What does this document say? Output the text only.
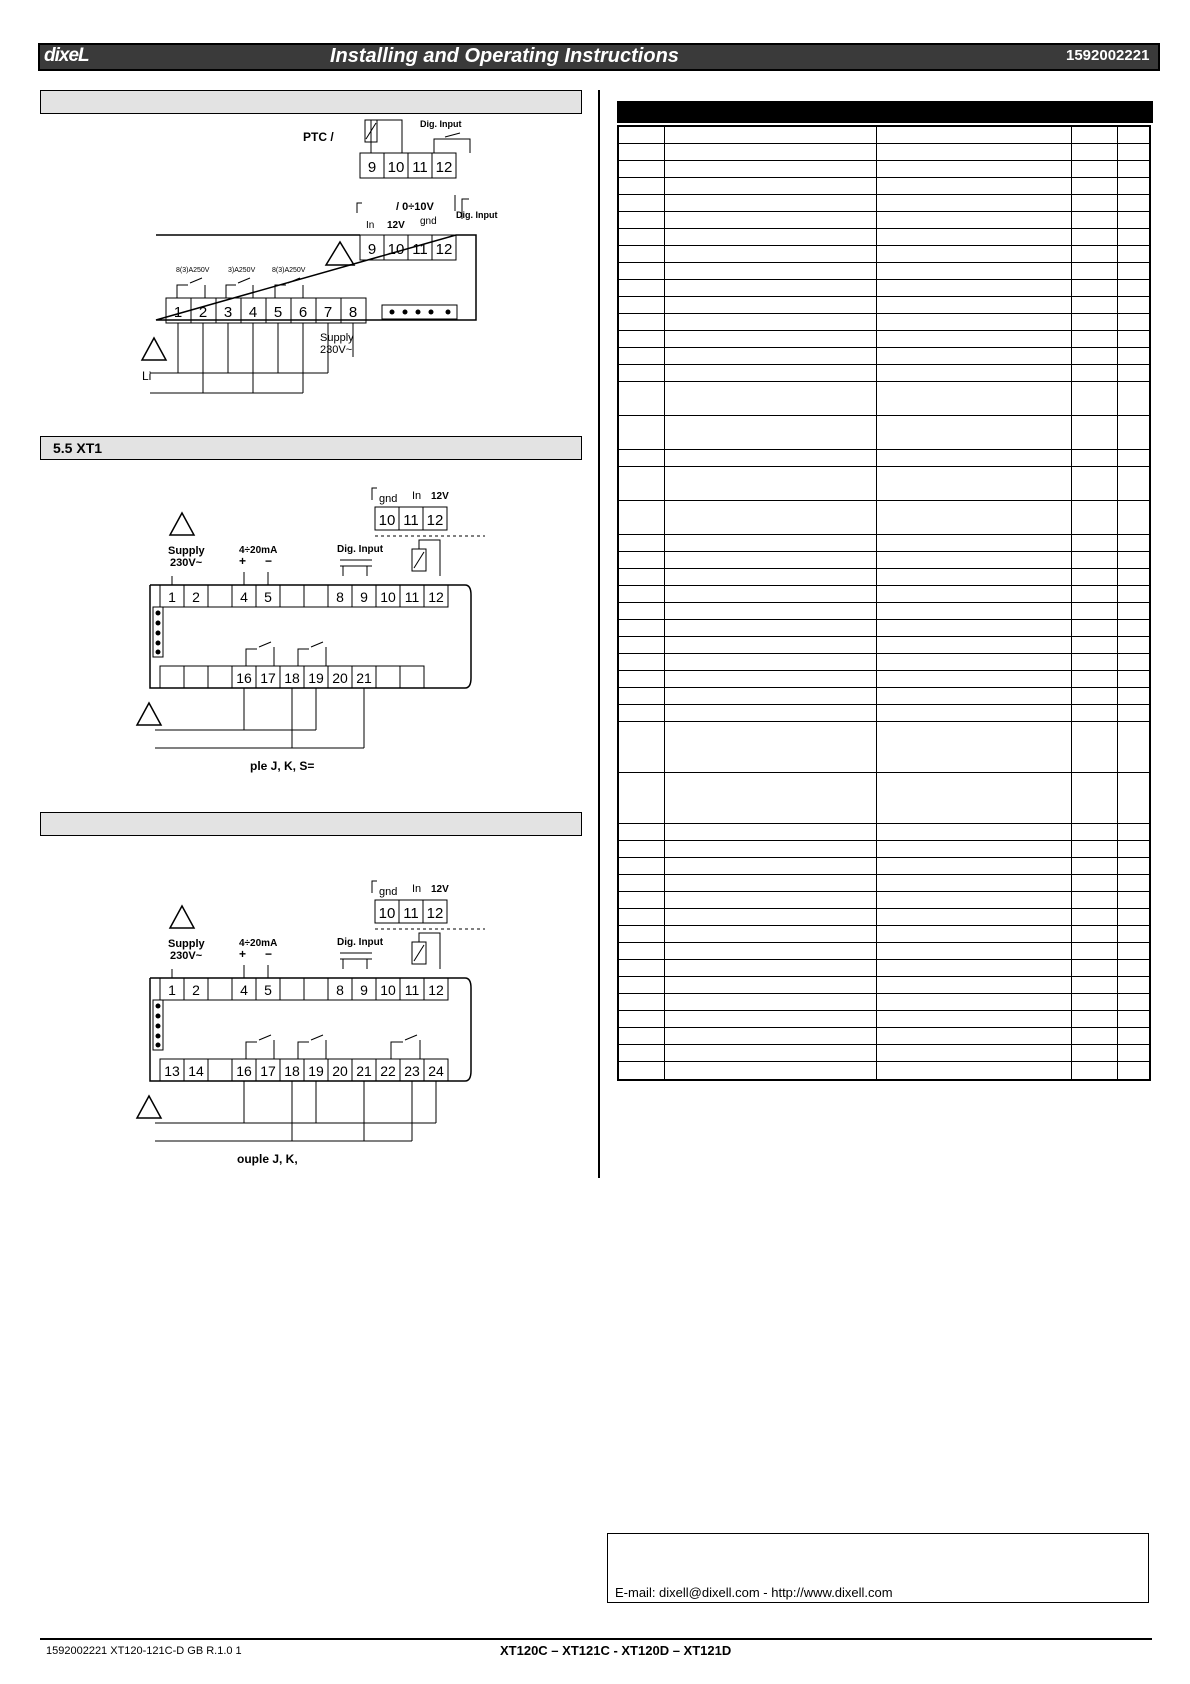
dixeL	Installing and Operating Instructions	1592002221
5.5 XT1
PTC /
Dig. Input
9 10 11 12
/ 0÷10V
In 12V gnd
Dig. Input
9 10 11 12
8(3)A250V	3)A250V 8(3)A250V
1 2 3 4 5 6 7 8
Supply
230V~
Li
gnd In 12V
10 11 12
Supply
230V~
4÷20mA
+ −
Dig. Input
1 2	4 5	8 9 10 11 12
16 17 18 19 20 21
ple J, K, S=
gnd In 12V
10 11 12
Supply
230V~
4÷20mA
+ −
Dig. Input
1 2	4 5	8 9 10 11 12
13 14 16 17 18 19 20 21 22 23 24
ouple J, K,
E-mail: dixell@dixell.com - http://www.dixell.com
1592002221 XT120-121C-D GB R.1.0 1	XT120C – XT121C - XT120D – XT121D
